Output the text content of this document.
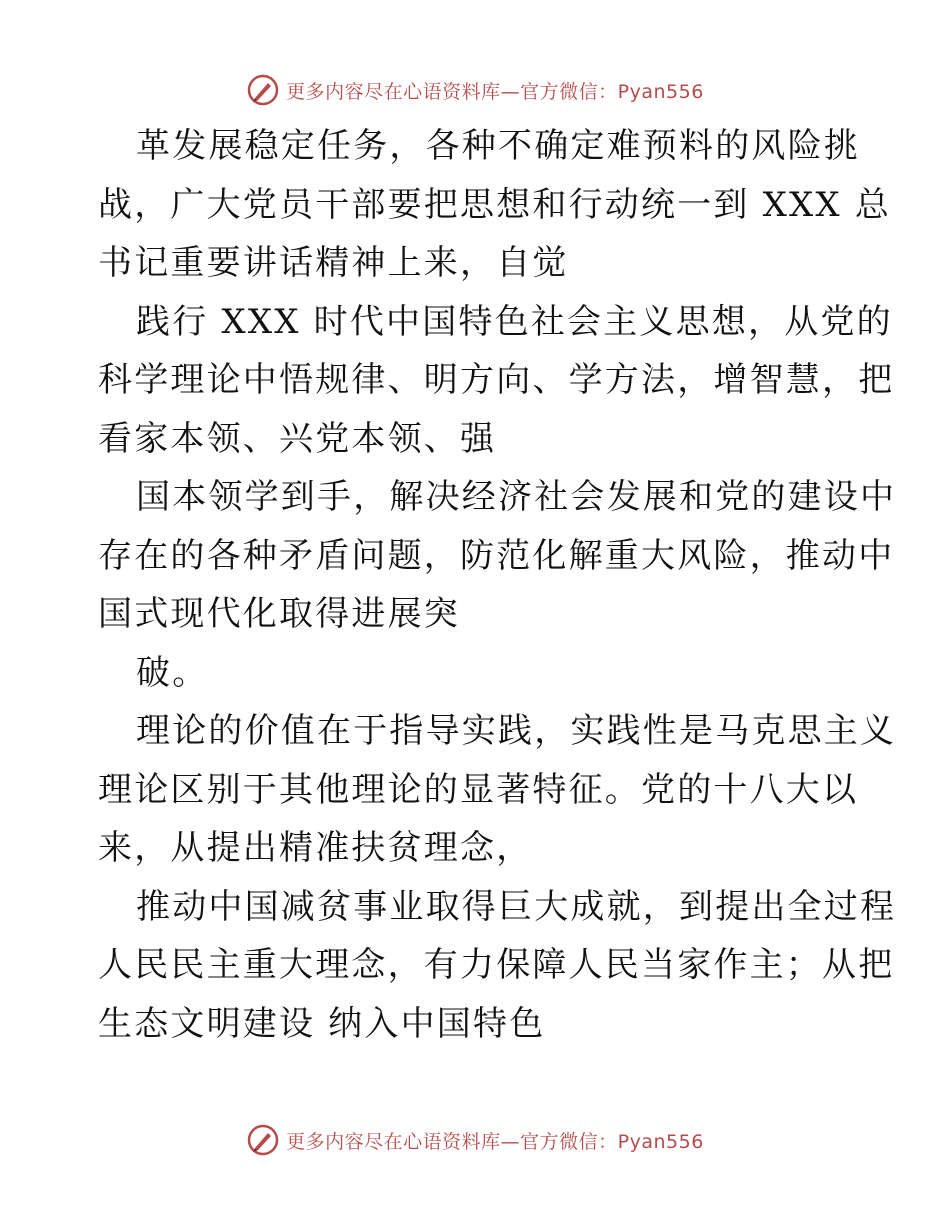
更多内容尽在心语资料库—官方微信：Pyan556
革发展稳定任务，各种不确定难预料的风险挑
战，广大党员干部要把思想和行动统一到 XXX 总
书记重要讲话精神上来，自觉
践行 XXX 时代中国特色社会主义思想，从党的
科学理论中悟规律、明方向、学方法，增智慧，把
看家本领、兴党本领、强
国本领学到手，解决经济社会发展和党的建设中
存在的各种矛盾问题，防范化解重大风险，推动中
国式现代化取得进展突
破。
理论的价值在于指导实践，实践性是马克思主义
理论区别于其他理论的显著特征。党的十八大以
来，从提出精准扶贫理念，
推动中国减贫事业取得巨大成就，到提出全过程
人民民主重大理念，有力保障人民当家作主；从把
生态文明建设 纳入中国特色
更多内容尽在心语资料库—官方微信：Pyan556
